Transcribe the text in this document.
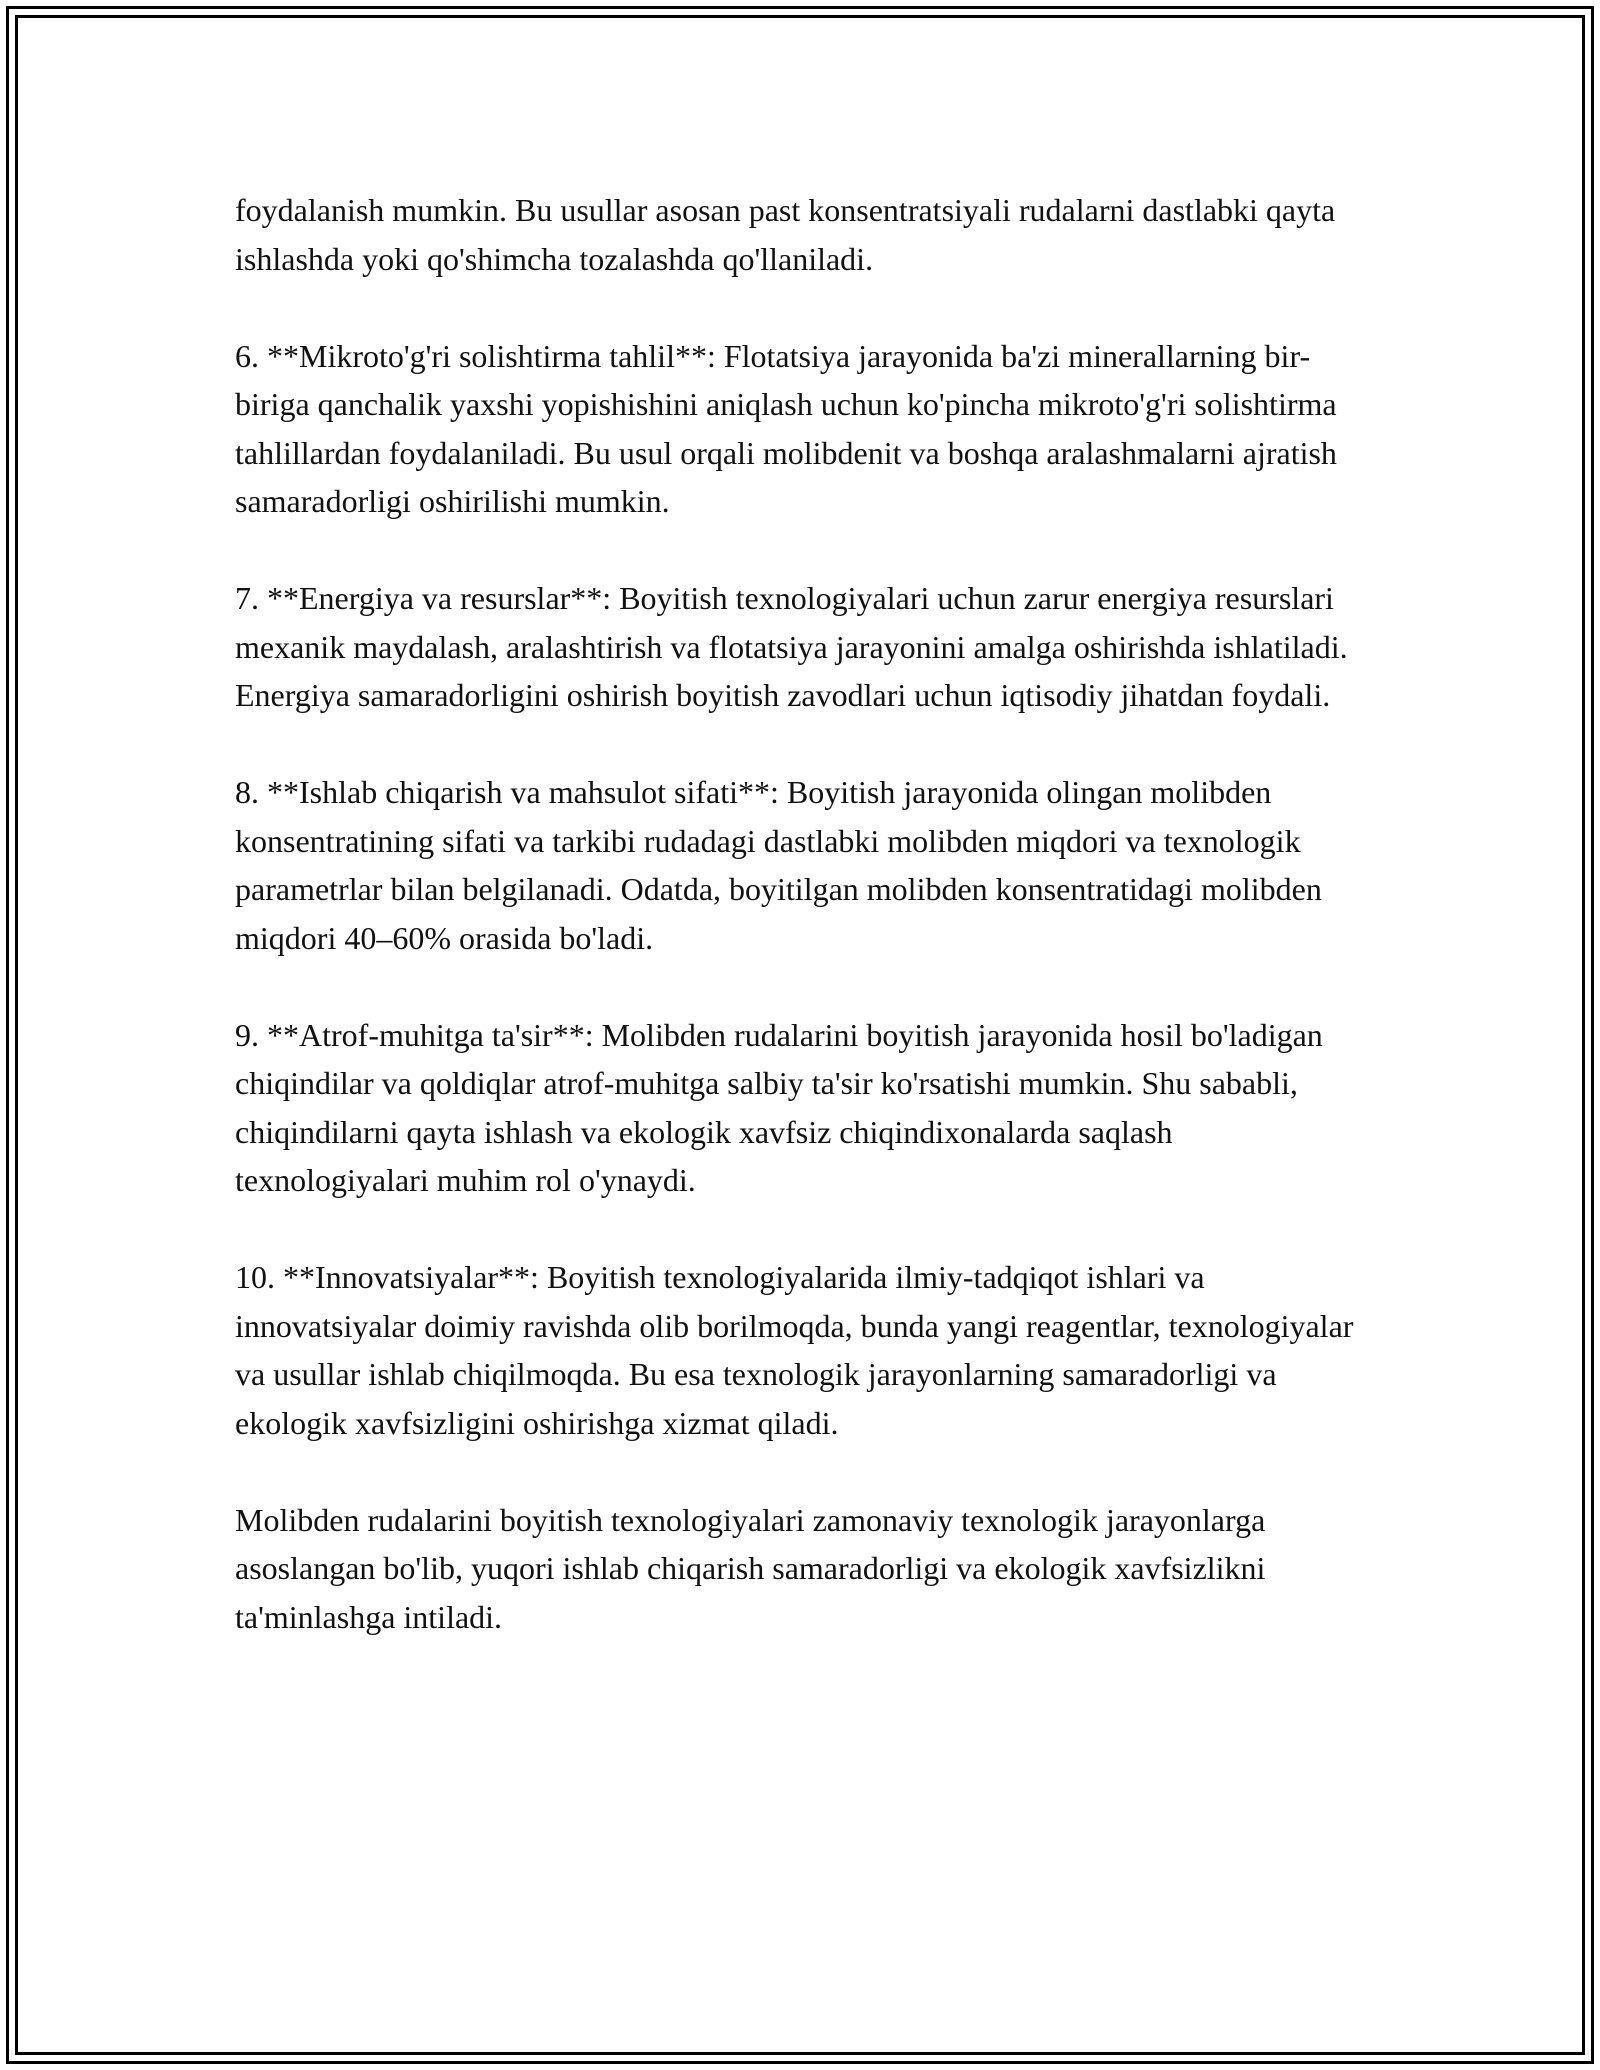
foydalanish mumkin. Bu usullar asosan past konsentratsiyali rudalarni dastlabki qayta ishlashda yoki qo'shimcha tozalashda qo'llaniladi.

6. **Mikroto'g'ri solishtirma tahlil**: Flotatsiya jarayonida ba'zi minerallarning bir-biriga qanchalik yaxshi yopishishini aniqlash uchun ko'pincha mikroto'g'ri solishtirma tahlillardan foydalaniladi. Bu usul orqali molibdenit va boshqa aralashmalarni ajratish samaradorligi oshirilishi mumkin.

7. **Energiya va resurslar**: Boyitish texnologiyalari uchun zarur energiya resurslari mexanik maydalash, aralashtirish va flotatsiya jarayonini amalga oshirishda ishlatiladi. Energiya samaradorligini oshirish boyitish zavodlari uchun iqtisodiy jihatdan foydali.

8. **Ishlab chiqarish va mahsulot sifati**: Boyitish jarayonida olingan molibden konsentratining sifati va tarkibi rudadagi dastlabki molibden miqdori va texnologik parametrlar bilan belgilanadi. Odatda, boyitilgan molibden konsentratidagi molibden miqdori 40–60% orasida bo'ladi.

9. **Atrof-muhitga ta'sir**: Molibden rudalarini boyitish jarayonida hosil bo'ladigan chiqindilar va qoldiqlar atrof-muhitga salbiy ta'sir ko'rsatishi mumkin. Shu sababli, chiqindilarni qayta ishlash va ekologik xavfsiz chiqindixonalarda saqlash texnologiyalari muhim rol o'ynaydi.

10. **Innovatsiyalar**: Boyitish texnologiyalarida ilmiy-tadqiqot ishlari va innovatsiyalar doimiy ravishda olib borilmoqda, bunda yangi reagentlar, texnologiyalar va usullar ishlab chiqilmoqda. Bu esa texnologik jarayonlarning samaradorligi va ekologik xavfsizligini oshirishga xizmat qiladi.

Molibden rudalarini boyitish texnologiyalari zamonaviy texnologik jarayonlarga asoslangan bo'lib, yuqori ishlab chiqarish samaradorligi va ekologik xavfsizlikni ta'minlashga intiladi.
